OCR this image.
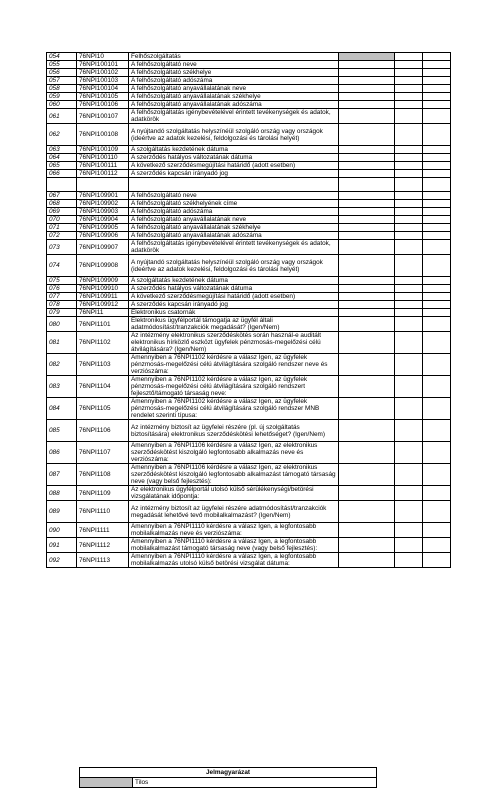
054	76NPI10	Felhőszolgáltatás			
055	76NPI100101	A felhőszolgáltató neve			
056	76NPI100102	A felhőszolgáltató székhelye			
057	76NPI100103	A felhőszolgáltató adószáma			
058	76NPI100104	A felhőszolgáltató anyavállalatának neve			
059	76NPI100105	A felhőszolgáltató anyavállalatának székhelye			
060	76NPI100106	A felhőszolgáltató anyavállalatának adószáma			
061	76NPI100107	A felhőszolgáltatás igénybevételével érintett tevékenységek és adatok, adatkörök			
062	76NPI100108	A nyújtandó szolgáltatás helyszínéül szolgáló ország vagy országok (ideértve az adatok kezelési, feldolgozási és tárolási helyét)			
063	76NPI100109	A szolgáltatás kezdetének dátuma			
064	76NPI100110	A szerződés hatályos változatának dátuma			
065	76NPI100111	A következő szerződésmegújítási határidő (adott esetben)			
066	76NPI100112	A szerződés kapcsán irányadó jog			

067	76NPI109901	A felhőszolgáltató neve			
068	76NPI109902	A felhőszolgáltató székhelyének címe			
069	76NPI109903	A felhőszolgáltató adószáma			
070	76NPI109904	A felhőszolgáltató anyavállalatának neve			
071	76NPI109905	A felhőszolgáltató anyavállalatának székhelye			
072	76NPI109906	A felhőszolgáltató anyavállalatának adószáma			
073	76NPI109907	A felhőszolgáltatás igénybevételével érintett tevékenységek és adatok, adatkörök			
074	76NPI109908	A nyújtandó szolgáltatás helyszínéül szolgáló ország vagy országok (ideértve az adatok kezelési, feldolgozási és tárolási helyét)			
075	76NPI109909	A szolgáltatás kezdetének dátuma			
076	76NPI109910	A szerződés hatályos változatának dátuma			
077	76NPI109911	A következő szerződésmegújítási határidő (adott esetben)			
078	76NPI109912	A szerződés kapcsán irányadó jog			
079	76NPI11	Elektronikus csatornák			
080	76NPI1101	Elektronikus ügyfélportál támogatja az ügyfél általi adatmódosítást/tranzakciók megadását? (Igen/Nem)			
081	76NPI1102	Az intézmény elektronikus szerződéskötés során használ-e auditált elektronikus hírközlő eszközt ügyfelek pénzmosás-megelőzési célú átvilágítására? (Igen/Nem)			
082	76NPI1103	Amennyiben a 76NPI1102 kérdésre a válasz Igen, az ügyfelek pénzmosás-megelőzési célú átvilágítására szolgáló rendszer neve és verziószáma:			
083	76NPI1104	Amennyiben a 76NPI1102 kérdésre a válasz Igen, az ügyfelek pénzmosás-megelőzési célú átvilágítására szolgáló rendszert fejlesztő/támogató társaság neve:			
084	76NPI1105	Amennyiben a 76NPI1102 kérdésre a válasz Igen, az ügyfelek pénzmosás-megelőzési célú átvilágítására szolgáló rendszer MNB rendelet szerinti típusa:			
085	76NPI1106	Az intézmény biztosít az ügyfelei részére (pl. új szolgáltatás biztosítására) elektronikus szerződéskötési lehetőséget? (Igen/Nem)			
086	76NPI1107	Amennyiben a 76NPI1106 kérdésre a válasz Igen, az elektronikus szerződéskötést kiszolgáló legfontosabb alkalmazás neve és verziószáma:			
087	76NPI1108	Amennyiben a 76NPI1106 kérdésre a válasz Igen, az elektronikus szerződéskötést kiszolgáló legfontosabb alkalmazást támogató társaság neve (vagy belső fejlesztés):			
088	76NPI1109	Az elektronikus ügyfélportál utolsó külső sérülékenységi/betörési vizsgálatának időpontja:			
089	76NPI1110	Az intézmény biztosít az ügyfelei részére adatmódosítást/tranzakciók megadását lehetővé tevő mobilalkalmazást? (Igen/Nem)			
090	76NPI1111	Amennyiben a 76NPI1110 kérdésre a válasz Igen, a legfontosabb mobilalkalmazás neve és verziószáma:			
091	76NPI1112	Amennyiben a 76NPI1110 kérdésre a válasz Igen, a legfontosabb mobilalkalmazást támogató társaság neve (vagy belső fejlesztés):			
092	76NPI1113	Amennyiben a 76NPI1110 kérdésre a válasz Igen, a legfontosabb mobilalkalmazás utolsó külső betörési vizsgálat dátuma:			
Jelmagyarázat
	Tilos
